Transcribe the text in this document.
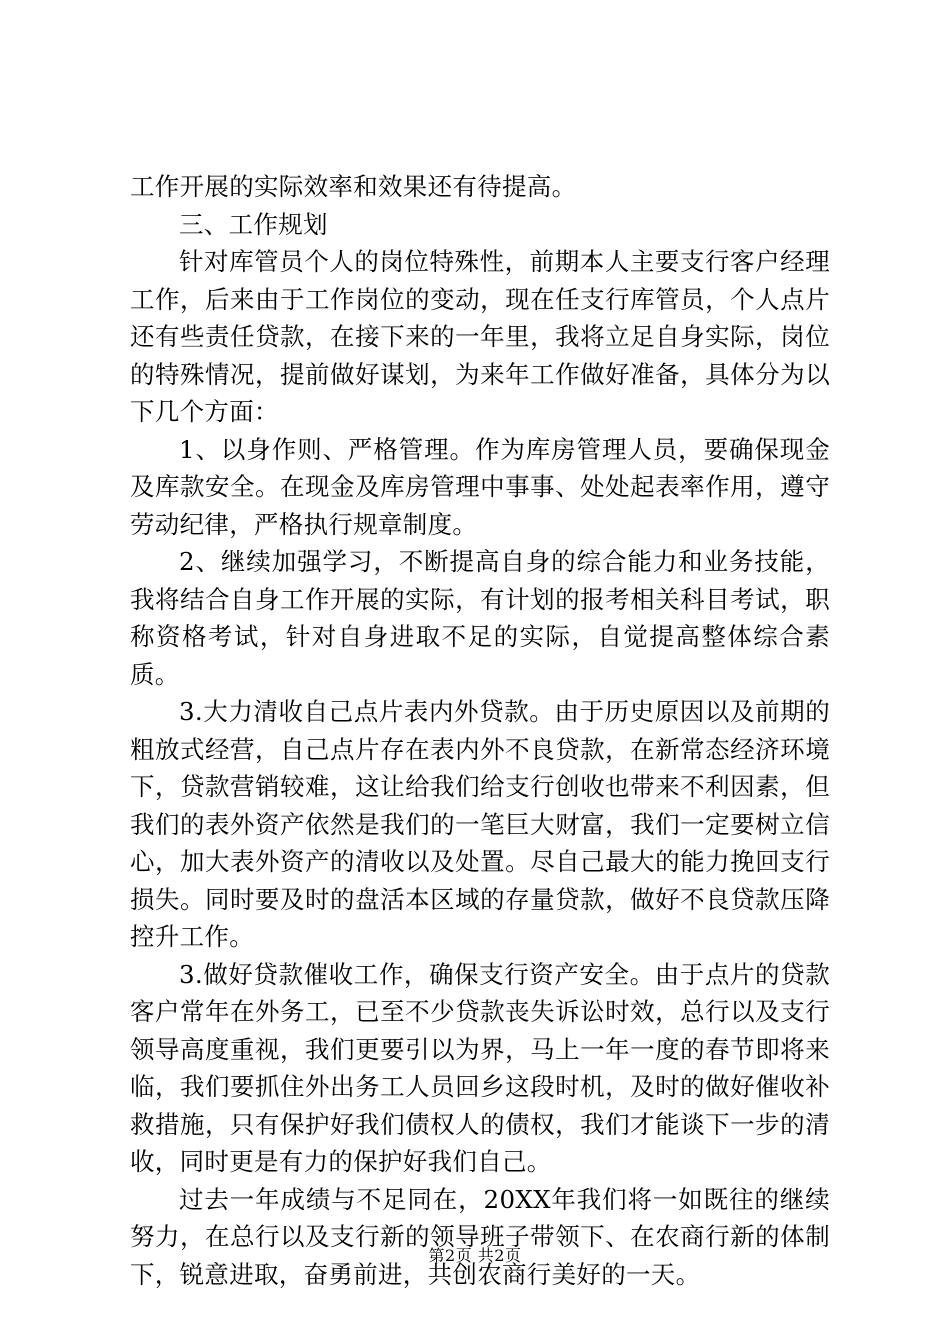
工作开展的实际效率和效果还有待提高。

三、工作规划

针对库管员个人的岗位特殊性，前期本人主要支行客户经理工作，后来由于工作岗位的变动，现在任支行库管员，个人点片还有些责任贷款，在接下来的一年里，我将立足自身实际，岗位的特殊情况，提前做好谋划，为来年工作做好准备，具体分为以下几个方面：

1、以身作则、严格管理。作为库房管理人员，要确保现金及库款安全。在现金及库房管理中事事、处处起表率作用，遵守劳动纪律，严格执行规章制度。

2、继续加强学习，不断提高自身的综合能力和业务技能，我将结合自身工作开展的实际，有计划的报考相关科目考试，职称资格考试，针对自身进取不足的实际，自觉提高整体综合素质。

3.大力清收自己点片表内外贷款。由于历史原因以及前期的粗放式经营，自己点片存在表内外不良贷款，在新常态经济环境下，贷款营销较难，这让给我们给支行创收也带来不利因素，但我们的表外资产依然是我们的一笔巨大财富，我们一定要树立信心，加大表外资产的清收以及处置。尽自己最大的能力挽回支行损失。同时要及时的盘活本区域的存量贷款，做好不良贷款压降控升工作。

3.做好贷款催收工作，确保支行资产安全。由于点片的贷款客户常年在外务工，已至不少贷款丧失诉讼时效，总行以及支行领导高度重视，我们更要引以为界，马上一年一度的春节即将来临，我们要抓住外出务工人员回乡这段时机，及时的做好催收补救措施，只有保护好我们债权人的债权，我们才能谈下一步的清收，同时更是有力的保护好我们自己。

过去一年成绩与不足同在，20XX年我们将一如既往的继续努力，在总行以及支行新的领导班子带领下、在农商行新的体制下，锐意进取，奋勇前进，共创农商行美好的一天。

第2页 共2页
